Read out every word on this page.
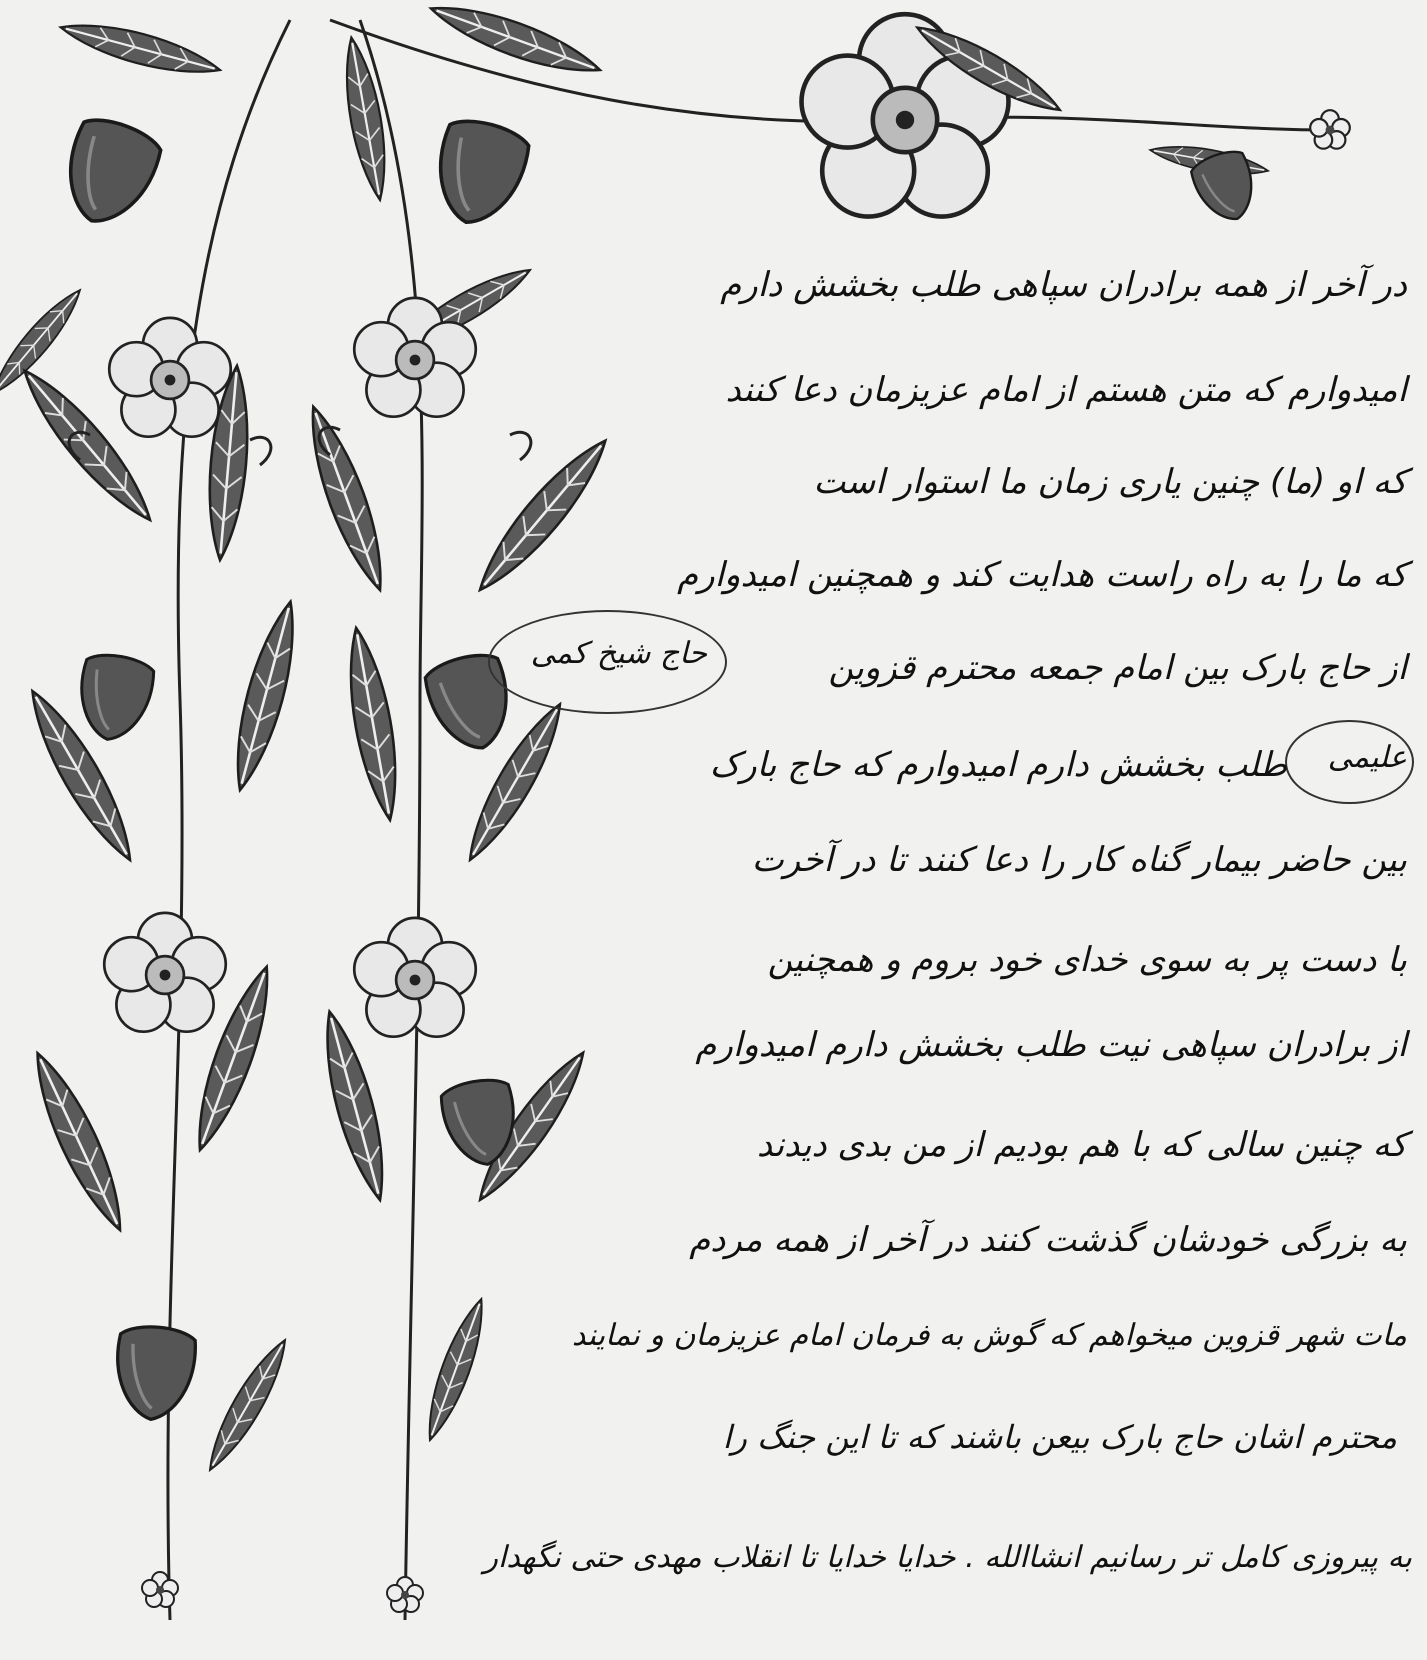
حاج شیخ کمی
علیمی
در آخر از همه برادران سپاهی طلب بخشش دارم
امیدوارم که متن هستم از امام عزیزمان دعا کنند
که او (ما) چنین یاری زمان ما استوار است
که ما را به راه راست هدایت کند و همچنین امیدوارم
از حاج بارک بین امام جمعه محترم قزوین
طلب بخشش دارم امیدوارم که حاج بارک
بین حاضر بیمار گناه کار را دعا کنند تا در آخرت
با دست پر به سوی خدای خود بروم و همچنین
از برادران سپاهی نیت طلب بخشش دارم امیدوارم
که چنین سالی که با هم بودیم از من بدی دیدند
به بزرگی خودشان گذشت کنند در آخر از همه مردم
مات شهر قزوین میخواهم که گوش به فرمان امام عزیزمان و نمایند
محترم اشان حاج بارک بیعن باشند که تا این جنگ را
به پیروزی کامل تر رسانیم انشاالله . خدایا خدایا تا انقلاب مهدی حتی نگهدار
